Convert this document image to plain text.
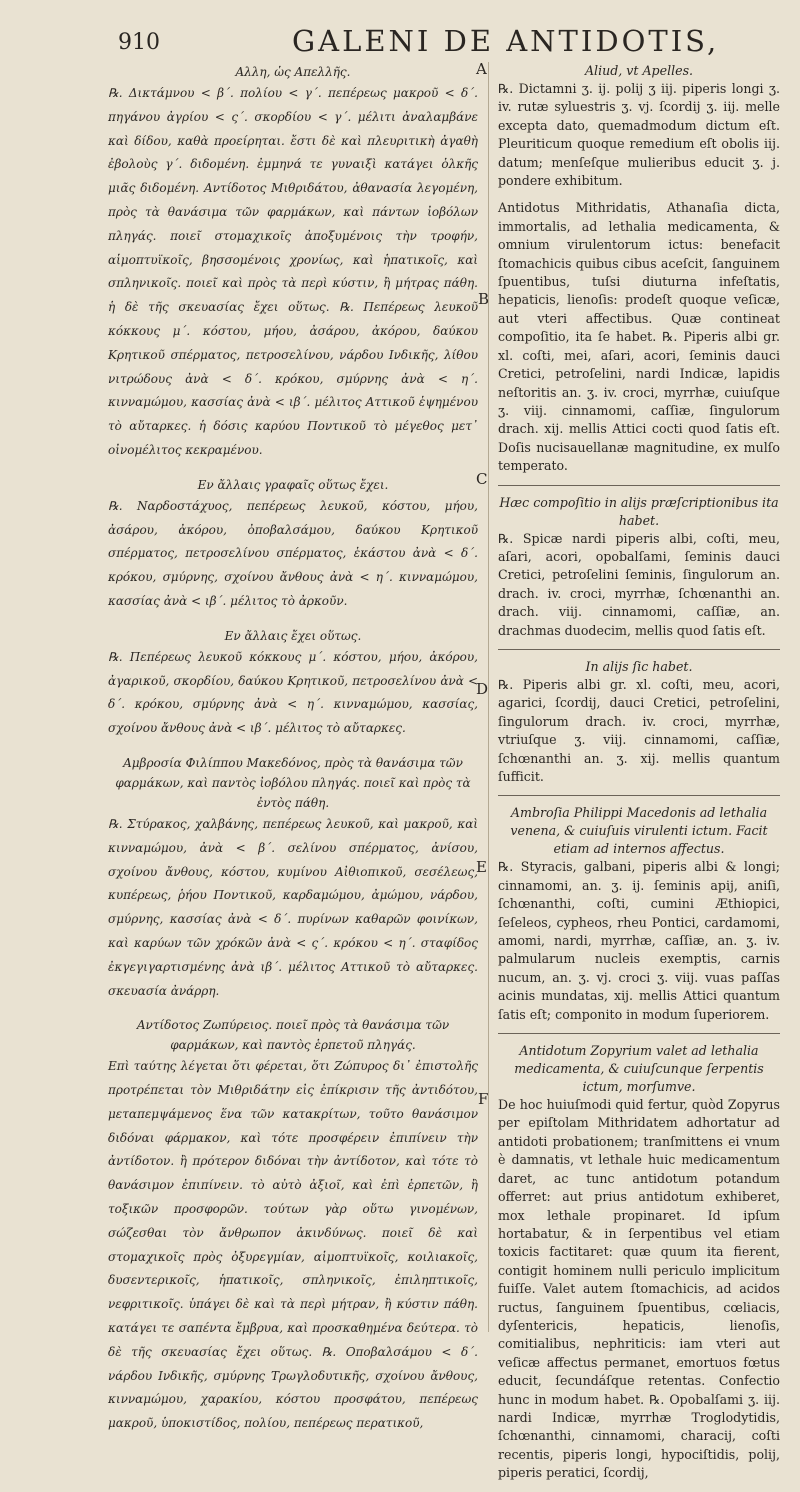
910	GALENI DE ANTIDOTIS,
A
B
C
D
E
F
Αλλη, ὡς Απελλῆς.

℞. Δικτάμνου < β΄. πολίου < γ΄. πεπέρεως μακροῦ < δ΄. πηγάνου ἀγρίου < ς΄. σκορδίου < γ΄. μέλιτι ἀναλαμβάνε καὶ δίδου, καθὰ προείρηται. ἔστι δὲ καὶ πλευριτικὴ ἀγαθὴ ἐβολοὺς γ΄. διδομένη. ἐμμηνά τε γυναιξὶ κατάγει ὁλκῆς μιᾶς διδομένη. Αντίδοτος Μιθριδάτου, ἀθανασία λεγομένη, πρὸς τὰ θανάσιμα τῶν φαρμάκων, καὶ πάντων ἰοβόλων πληγάς. ποιεῖ στομαχικοῖς ἀποξυμένοις τὴν τροφήν, αἱμοπτυϊκοῖς, βησσομένοις χρονίως, καὶ ἡπατικοῖς, καὶ σπληνικοῖς. ποιεῖ καὶ πρὸς τὰ περὶ κύστιν, ἢ μήτρας πάθη. ἡ δὲ τῆς σκευασίας ἔχει οὕτως. ℞. Πεπέρεως λευκοῦ κόκκους μ΄. κόστου, μήου, ἀσάρου, ἀκόρου, δαύκου Κρητικοῦ σπέρματος, πετροσελίνου, νάρδου Ινδικῆς, λίθου νιτρώδους ἀνὰ < δ΄. κρόκου, σμύρνης ἀνὰ < η΄. κινναμώμου, κασσίας ἀνὰ < ιβ΄. μέλιτος Αττικοῦ ἑψημένου τὸ αὔταρκες. ἡ δόσις καρύου Ποντικοῦ τὸ μέγεθος μετ᾽ οἰνομέλιτος κεκραμένου.

Εν ἄλλαις γραφαῖς οὕτως ἔχει.

℞. Ναρδοστάχυος, πεπέρεως λευκοῦ, κόστου, μήου, ἀσάρου, ἀκόρου, ὀποβαλσάμου, δαύκου Κρητικοῦ σπέρματος, πετροσελίνου σπέρματος, ἑκάστου ἀνὰ < δ΄. κρόκου, σμύρνης, σχοίνου ἄνθους ἀνὰ < η΄. κινναμώμου, κασσίας ἀνὰ < ιβ΄. μέλιτος τὸ ἀρκοῦν.

Εν ἄλλαις ἔχει οὕτως.

℞. Πεπέρεως λευκοῦ κόκκους μ΄. κόστου, μήου, ἀκόρου, ἀγαρικοῦ, σκορδίου, δαύκου Κρητικοῦ, πετροσελίνου ἀνὰ < δ΄. κρόκου, σμύρνης ἀνὰ < η΄. κινναμώμου, κασσίας, σχοίνου ἄνθους ἀνὰ < ιβ΄. μέλιτος τὸ αὔταρκες.

Αμβροσία Φιλίππου Μακεδόνος, πρὸς τὰ θανάσιμα τῶν φαρμάκων, καὶ παντὸς ἰοβόλου πληγάς. ποιεῖ καὶ πρὸς τὰ ἐντὸς πάθη.

℞. Στύρακος, χαλβάνης, πεπέρεως λευκοῦ, καὶ μακροῦ, καὶ κινναμώμου, ἀνὰ < β΄. σελίνου σπέρματος, ἀνίσου, σχοίνου ἄνθους, κόστου, κυμίνου Αἰθιοπικοῦ, σεσέλεως, κυπέρεως, ῥήου Ποντικοῦ, καρδαμώμου, ἀμώμου, νάρδου, σμύρνης, κασσίας ἀνὰ < δ΄. πυρίνων καθαρῶν φοινίκων, καὶ καρύων τῶν χρόκῶν ἀνὰ < ς΄. κρόκου < η΄. σταφίδος ἐκγεγιγαρτισμένης ἀνὰ ιβ΄. μέλιτος Αττικοῦ τὸ αὔταρκες. σκευασία ἀνάρρη.

Αντίδοτος Ζωπύρειος. ποιεῖ πρὸς τὰ θανάσιμα τῶν φαρμάκων, καὶ παντὸς ἑρπετοῦ πληγάς.

Επὶ ταύτης λέγεται ὅτι φέρεται, ὅτι Ζώπυρος δι᾽ ἐπιστολῆς προτρέπεται τὸν Μιθριδάτην εἰς ἐπίκρισιν τῆς ἀντιδότου, μεταπεμψάμενος ἕνα τῶν κατακρίτων, τοῦτο θανάσιμον διδόναι φάρμακον, καὶ τότε προσφέρειν ἐπιπίνειν τὴν ἀντίδοτον. ἢ πρότερον διδόναι τὴν ἀντίδοτον, καὶ τότε τὸ θανάσιμον ἐπιπίνειν. τὸ αὐτὸ ἀξιοῖ, καὶ ἐπὶ ἑρπετῶν, ἢ τοξικῶν προσφορῶν. τούτων γὰρ οὕτω γινομένων, σώζεσθαι τὸν ἄνθρωπον ἀκινδύνως. ποιεῖ δὲ καὶ στομαχικοῖς πρὸς ὀξυρεγμίαν, αἱμοπτυϊκοῖς, κοιλιακοῖς, δυσεντερικοῖς, ἡπατικοῖς, σπληνικοῖς, ἐπιληπτικοῖς, νεφριτικοῖς. ὑπάγει δὲ καὶ τὰ περὶ μήτραν, ἢ κύστιν πάθη. κατάγει τε σαπέντα ἔμβρυα, καὶ προσκαθημένα δεύτερα. τὸ δὲ τῆς σκευασίας ἔχει οὕτως. ℞. Οποβαλσάμου < δ΄. νάρδου Ινδικῆς, σμύρνης Τρωγλοδυτικῆς, σχοίνου ἄνθους, κινναμώμου, χαρακίου, κόστου προσφάτου, πεπέρεως μακροῦ, ὑποκιστίδος, πολίου, πεπέρεως περατικοῦ,

Aliud, vt Apelles.

℞. Dictamni ʒ. ij. polij ʒ iij. piperis longi ʒ. iv. rutæ syluestris ʒ. vj. ſcordij ʒ. iij. melle excepta dato, quemadmodum dictum eſt. Pleuriticum quoque remedium eſt obolis iij. datum; menſeſque mulieribus educit ʒ. j. pondere exhibitum.

Antidotus Mithridatis, Athanaſia dicta, immortalis, ad lethalia medicamenta, & omnium virulentorum ictus: benefacit ſtomachicis quibus cibus aceſcit, ſanguinem ſpuentibus, tuſsi diuturna infeſtatis, hepaticis, lienoſis: prodeſt quoque veſicæ, aut vteri affectibus. Quæ contineat compoſitio, ita ſe habet. ℞. Piperis albi gr. xl. coſti, mei, aſari, acori, ſeminis dauci Cretici, petroſelini, nardi Indicæ, lapidis neſtoritis an. ʒ. iv. croci, myrrhæ, cuiuſque ʒ. viij. cinnamomi, caſſiæ, ſingulorum drach. xij. mellis Attici cocti quod ſatis eſt. Doſis nucisauellanæ magnitudine, ex mulſo temperato.

Hæc compoſitio in alijs præſcriptionibus ita habet.

℞. Spicæ nardi piperis albi, coſti, meu, aſari, acori, opobalſami, ſeminis dauci Cretici, petroſelini ſeminis, ſingulorum an. drach. iv. croci, myrrhæ, ſchœnanthi an. drach. viij. cinnamomi, caſſiæ, an. drachmas duodecim, mellis quod ſatis eſt.

In alijs ſic habet.

℞. Piperis albi gr. xl. coſti, meu, acori, agarici, ſcordij, dauci Cretici, petroſelini, ſingulorum drach. iv. croci, myrrhæ, vtriuſque ʒ. viij. cinnamomi, caſſiæ, ſchœnanthi an. ʒ. xij. mellis quantum ſufficit.

Ambroſia Philippi Macedonis ad lethalia venena, & cuiuſuis virulenti ictum. Facit etiam ad internos affectus.

℞. Styracis, galbani, piperis albi & longi; cinnamomi, an. ʒ. ij. ſeminis apij, aniſi, ſchœnanthi, coſti, cumini Æthiopici, ſeſeleos, cypheos, rheu Pontici, cardamomi, amomi, nardi, myrrhæ, caſſiæ, an. ʒ. iv. palmularum nucleis exemptis, carnis nucum, an. ʒ. vj. croci ʒ. viij. vuas paſſas acinis mundatas, xij. mellis Attici quantum ſatis eſt; componito in modum ſuperiorem.

Antidotum Zopyrium valet ad lethalia medicamenta, & cuiuſcunque ſerpentis ictum, morſumve.

De hoc huiuſmodi quid fertur, quòd Zopyrus per epiſtolam Mithridatem adhortatur ad antidoti probationem; tranſmittens ei vnum è damnatis, vt lethale huic medicamentum daret, ac tunc antidotum potandum offerret: aut prius antidotum exhiberet, mox lethale propinaret. Id ipſum hortabatur, & in ſerpentibus vel etiam toxicis factitaret: quæ quum ita fierent, contigit hominem nulli periculo implicitum fuiſſe. Valet autem ſtomachicis, ad acidos ructus, ſanguinem ſpuentibus, cœliacis, dyſentericis, hepaticis, lienoſis, comitialibus, nephriticis: iam vteri aut veſicæ affectus permanet, emortuos fœtus educit, ſecundáſque retentas. Confectio hunc in modum habet. ℞. Opobalſami ʒ. iij. nardi Indicæ, myrrhæ Troglodytidis, ſchœnanthi, cinnamomi, characij, coſti recentis, piperis longi, hypociſtidis, polij, piperis peratici, ſcordij,
